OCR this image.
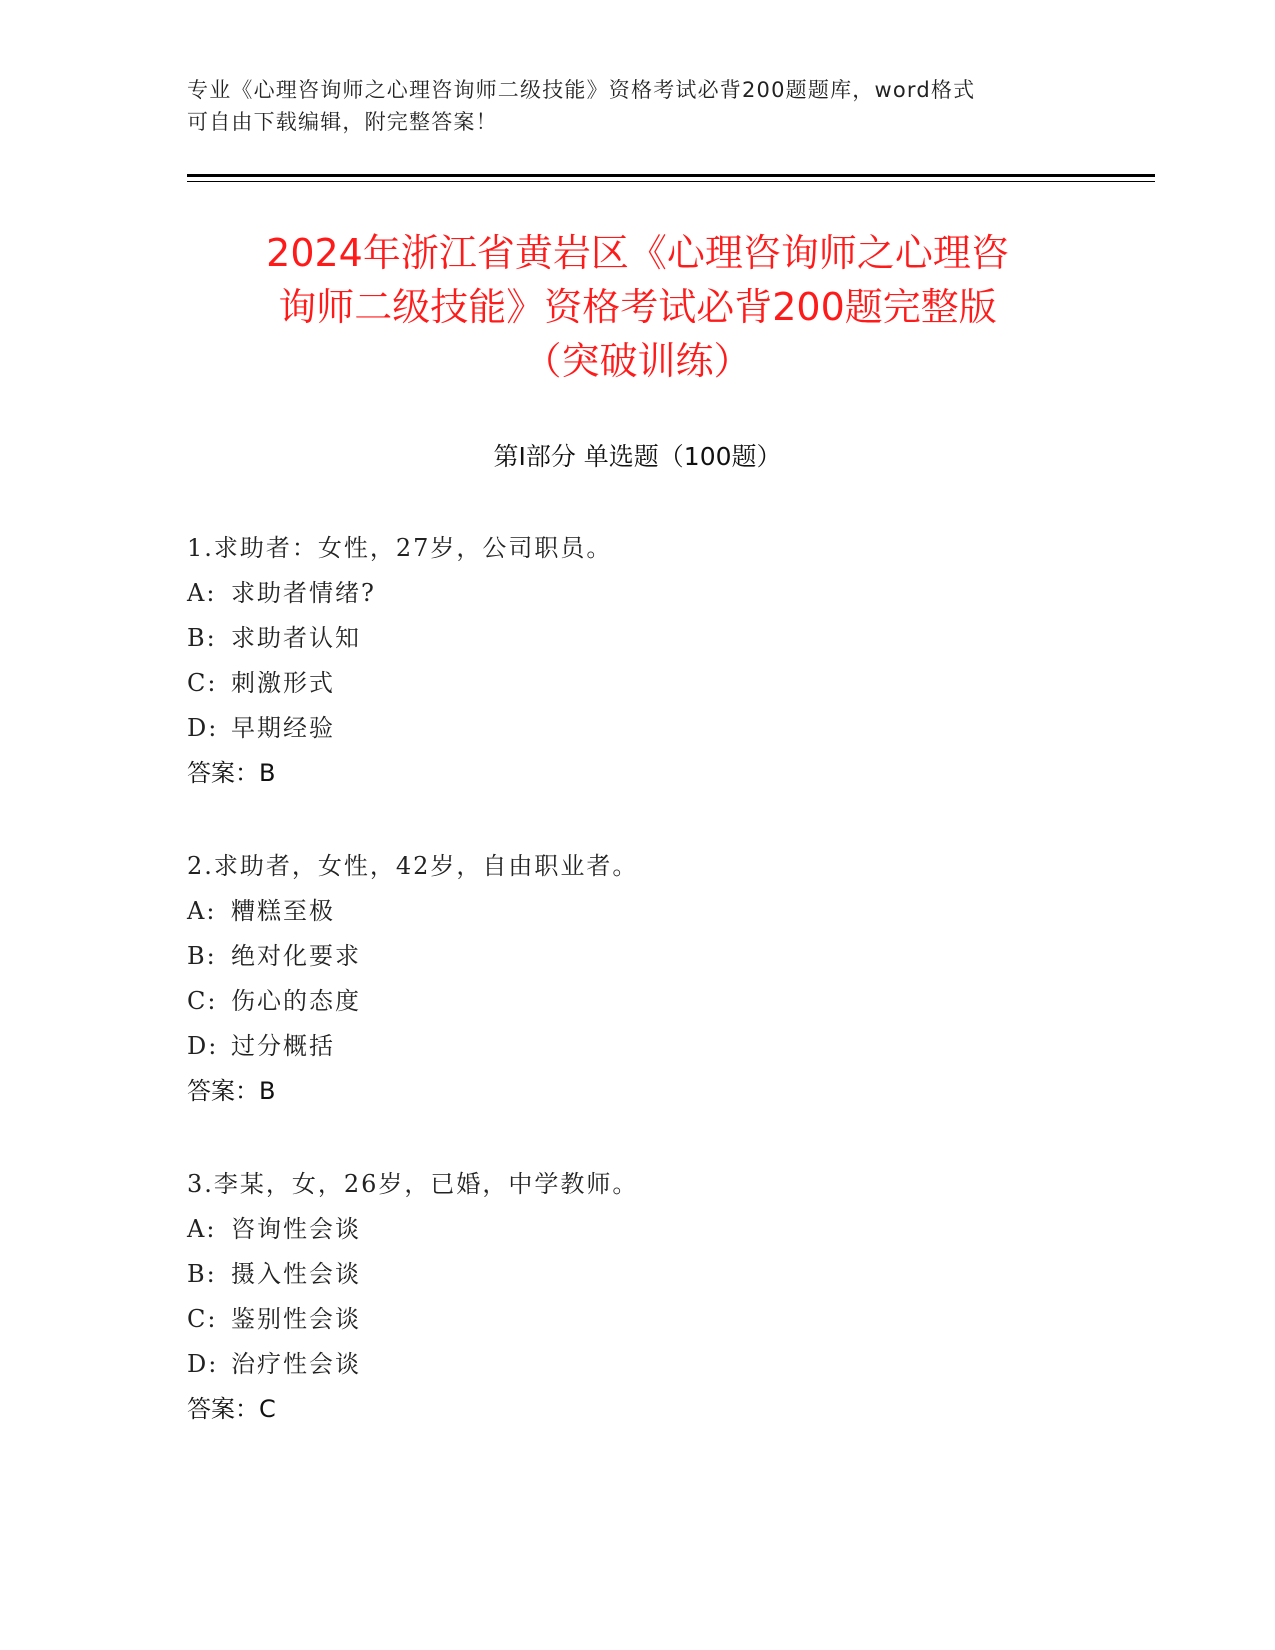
专业《心理咨询师之心理咨询师二级技能》资格考试必背200题题库，word格式
可自由下载编辑，附完整答案！
2024年浙江省黄岩区《心理咨询师之心理咨
询师二级技能》资格考试必背200题完整版
（突破训练）
第Ⅰ部分 单选题（100题）
1.求助者：女性，27岁，公司职员。
A: 求助者情绪?
B: 求助者认知
C: 刺激形式
D: 早期经验
答案：B
2.求助者，女性，42岁，自由职业者。
A: 糟糕至极
B: 绝对化要求
C: 伤心的态度
D: 过分概括
答案：B
3.李某，女，26岁，已婚，中学教师。
A: 咨询性会谈
B: 摄入性会谈
C: 鉴别性会谈
D: 治疗性会谈
答案：C
